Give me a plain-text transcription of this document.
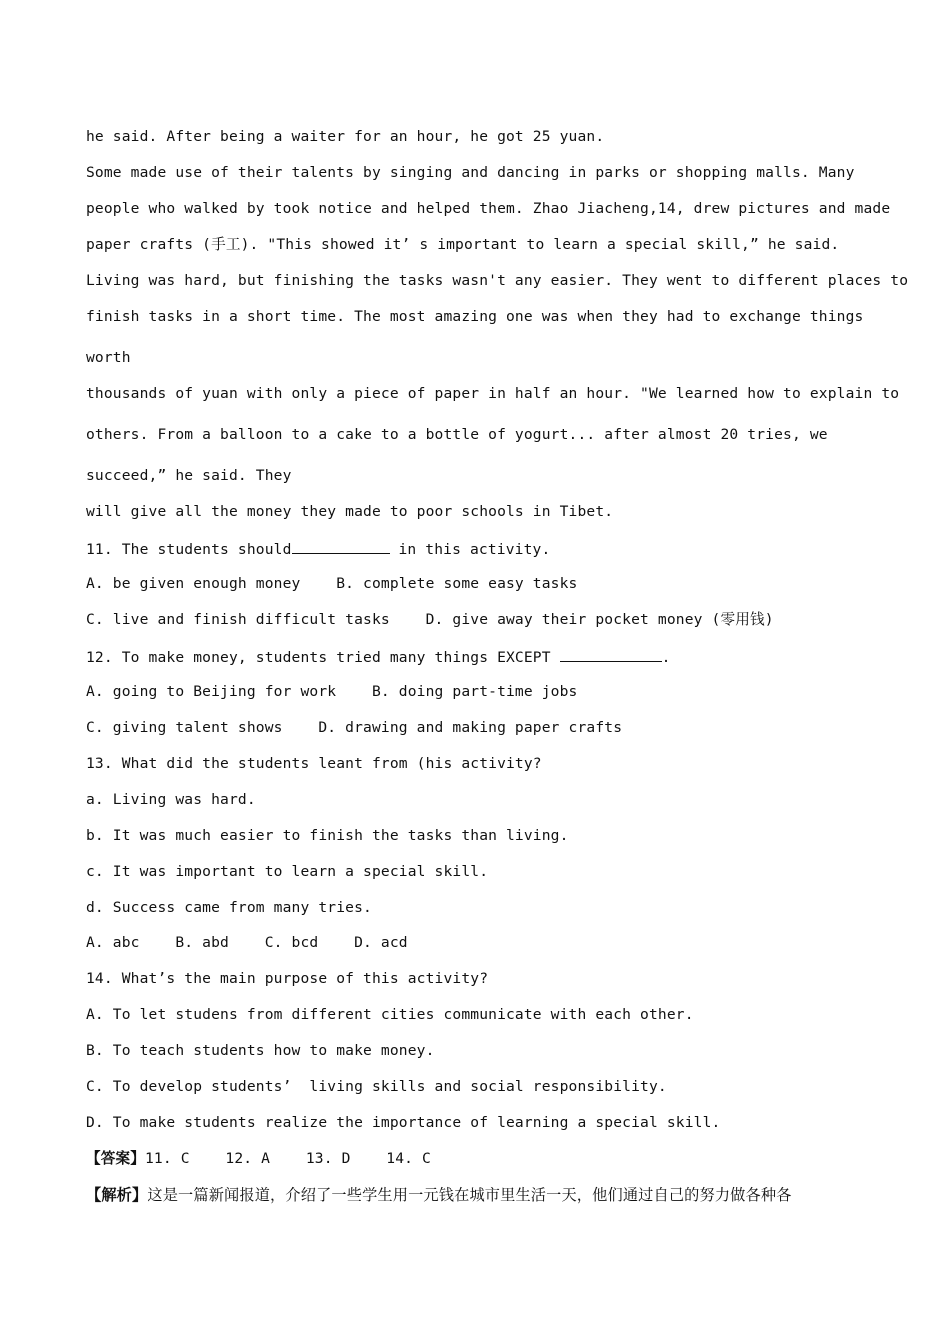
he said. After being a waiter for an hour, he got 25 yuan.
Some made use of their talents by singing and dancing in parks or shopping malls. Many
people who walked by took notice and helped them. Zhao Jiacheng,14, drew pictures and made
paper crafts (手工). "This showed it’ s important to learn a special skill,” he said.
Living was hard, but finishing the tasks wasn't any easier. They went to different places to
finish tasks in a short time. The most amazing one was when they had to exchange things
worth
thousands of yuan with only a piece of paper in half an hour. "We learned how to explain to
others. From a balloon to a cake to a bottle of yogurt... after almost 20 tries, we
succeed,” he said. They
will give all the money they made to poor schools in Tibet.
11. The students should	in this activity.
A. be given enough money    B. complete some easy tasks
C. live and finish difficult tasks    D. give away their pocket money (零用钱)
12. To make money, students tried many things EXCEPT	.
A. going to Beijing for work    B. doing part-time jobs
C. giving talent shows    D. drawing and making paper crafts
13. What did the students leant from (his activity?
a. Living was hard.
b. It was much easier to finish the tasks than living.
c. It was important to learn a special skill.
d. Success came from many tries.
A. abc    B. abd    C. bcd    D. acd
14. What’s the main purpose of this activity?
A. To let studens from different cities communicate with each other.
B. To teach students how to make money.
C. To develop students’  living skills and social responsibility.
D. To make students realize the importance of learning a special skill.
【答案】11. C    12. A    13. D    14. C
【解析】这是一篇新闻报道，介绍了一些学生用一元钱在城市里生活一天，他们通过自己的努力做各种各
